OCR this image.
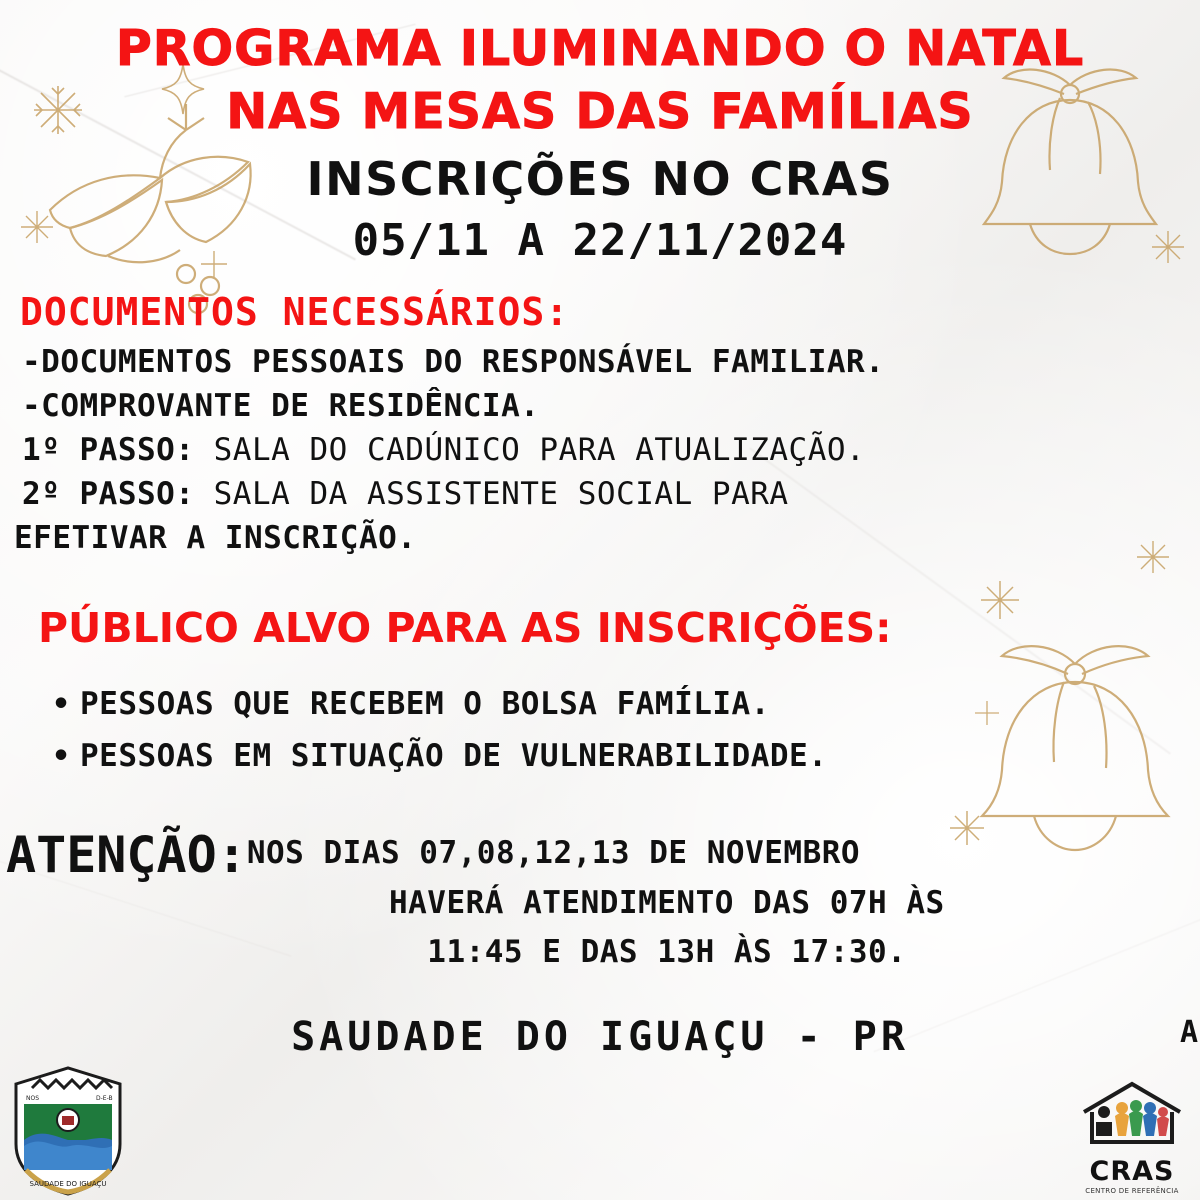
PROGRAMA ILUMINANDO O NATAL
NAS MESAS DAS FAMÍLIAS
INSCRIÇÕES NO CRAS
05/11 A 22/11/2024
DOCUMENTOS NECESSÁRIOS:
-DOCUMENTOS PESSOAIS DO RESPONSÁVEL FAMILIAR.
-COMPROVANTE DE RESIDÊNCIA.
1º PASSO: SALA DO CADÚNICO PARA ATUALIZAÇÃO.
2º PASSO: SALA DA ASSISTENTE SOCIAL PARA
EFETIVAR A INSCRIÇÃO.
PÚBLICO ALVO PARA AS INSCRIÇÕES:
• PESSOAS QUE RECEBEM O BOLSA FAMÍLIA.
• PESSOAS EM SITUAÇÃO DE VULNERABILIDADE.
ATENÇÃO: NOS DIAS 07,08,12,13 DE NOVEMBRO
HAVERÁ ATENDIMENTO DAS 07H ÀS
11:45 E DAS 13H ÀS 17:30.
SAUDADE DO IGUAÇU - PR	A
SAUDADE DO IGUAÇU
NOS	D-E-B
CRAS
CENTRO DE REFERÊNCIA
